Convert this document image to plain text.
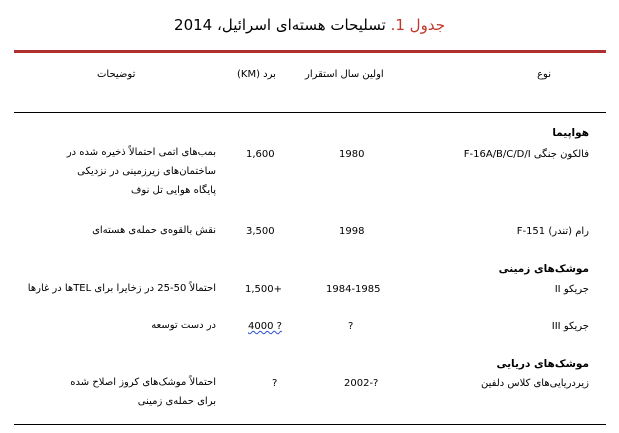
جدول 1. تسلیحات هسته‌ای اسرائیل، 2014
نوع
اولین سال استقرار
برد (KM)
توضیحات
هواپیما
فالکون جنگی F-16A/B/C/D/I
1980
1,600
بمب‌های اتمی احتمالاً ذخیره شده در
ساختمان‌های زیرزمینی در نزدیکی
پایگاه هوایی تل نوف
رام (تندر) F-151
1998
3,500
نقش بالقوه‌ی حمله‌ی هسته‌ای
موشک‌های زمینی
جریکو II
1984-1985
1,500+
احتمالاً 50-25 در زخایرا برای TELها در غارها
جریکو III
?
4000 ?
در دست توسعه
موشک‌های دریایی
زیردریایی‌های کلاس دلفین
2002-?
?
احتمالاً موشک‌های کروز اصلاح شده
برای حمله‌ی زمینی
